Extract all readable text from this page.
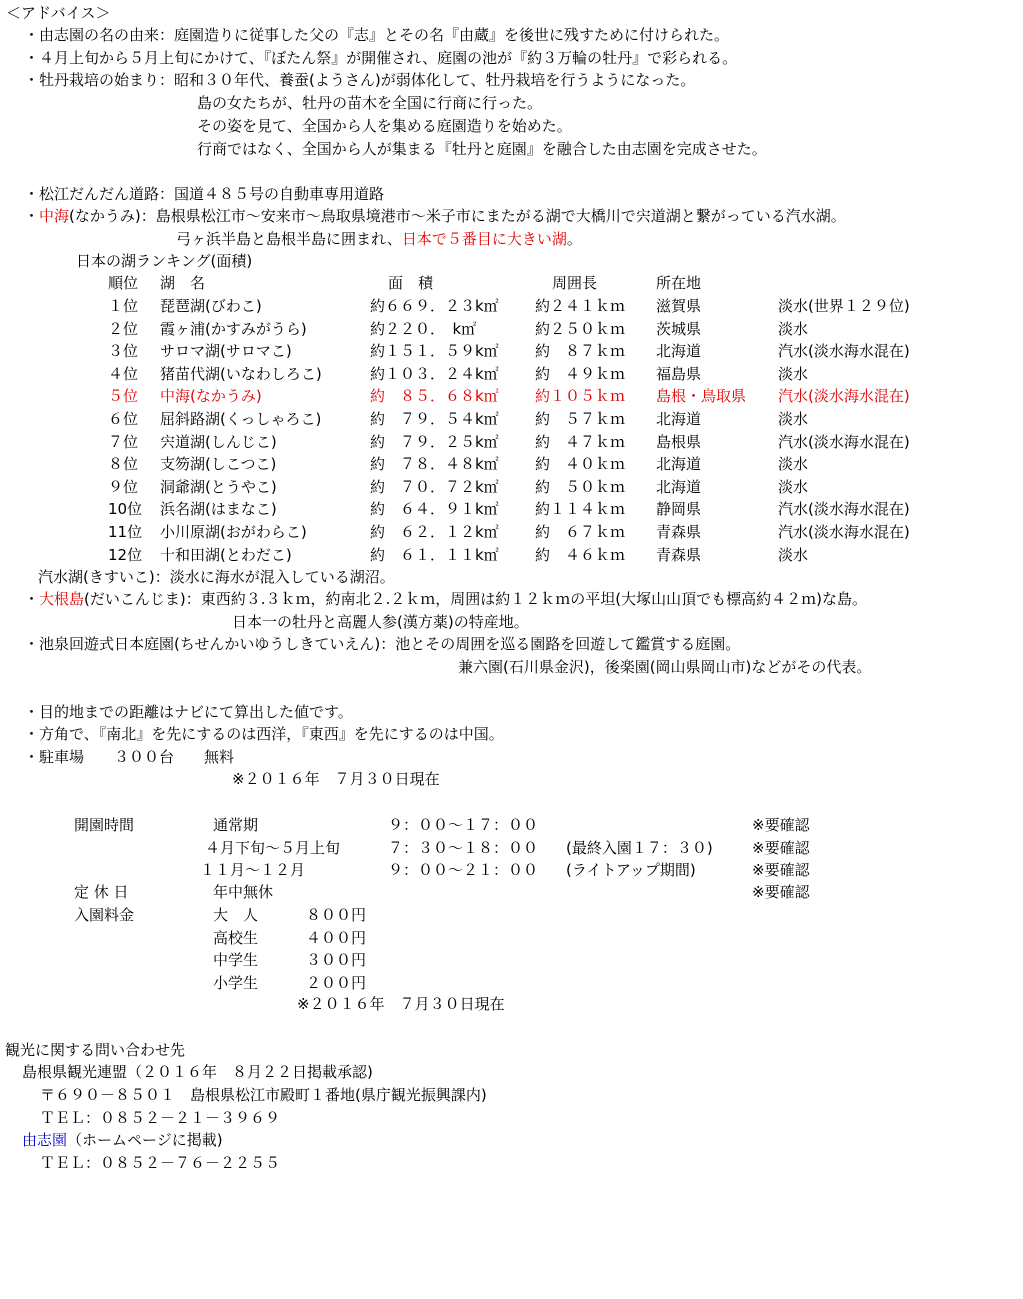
＜アドバイス＞
・由志園の名の由来：庭園造りに従事した父の『志』とその名『由蔵』を後世に残すために付けられた。
・４月上旬から５月上旬にかけて、『ぼたん祭』が開催され、庭園の池が『約３万輪の牡丹』で彩られる。
・牡丹栽培の始まり：昭和３０年代、養蚕(ようさん)が弱体化して、牡丹栽培を行うようになった。
島の女たちが、牡丹の苗木を全国に行商に行った。
その姿を見て、全国から人を集める庭園造りを始めた。
行商ではなく、全国から人が集まる『牡丹と庭園』を融合した由志園を完成させた。
・松江だんだん道路：国道４８５号の自動車専用道路
・中海(なかうみ)：島根県松江市～安来市～鳥取県境港市～米子市にまたがる湖で大橋川で宍道湖と繋がっている汽水湖。
弓ヶ浜半島と島根半島に囲まれ、日本で５番目に大きい湖。
日本の湖ランキング(面積)
順位 湖　名	面　積	周囲長	所在地
１位 琵琶湖(びわこ)	約６６９．２３k㎡ 約２４１ｋｍ 滋賀県	淡水(世界１２９位)
２位 霞ヶ浦(かすみがうら)	約２２０．　k㎡	約２５０ｋｍ 茨城県	淡水
３位 サロマ湖(サロマこ)	約１５１．５９k㎡ 約　８７ｋｍ 北海道	汽水(淡水海水混在)
４位 猪苗代湖(いなわしろこ)	約１０３．２４k㎡ 約　４９ｋｍ 福島県	淡水
５位 中海(なかうみ)	約　８５．６８k㎡ 約１０５ｋｍ 島根・鳥取県 汽水(淡水海水混在)
６位 屈斜路湖(くっしゃろこ)	約　７９．５４k㎡ 約　５７ｋｍ 北海道	淡水
７位 宍道湖(しんじこ)	約　７９．２５k㎡ 約　４７ｋｍ 島根県	汽水(淡水海水混在)
８位 支笏湖(しこつこ)	約　７８．４８k㎡ 約　４０ｋｍ 北海道	淡水
９位 洞爺湖(とうやこ)	約　７０．７２k㎡ 約　５０ｋｍ 北海道	淡水
10位 浜名湖(はまなこ)	約　６４．９１k㎡ 約１１４ｋｍ 静岡県	汽水(淡水海水混在)
11位 小川原湖(おがわらこ)	約　６２．１２k㎡ 約　６７ｋｍ 青森県	汽水(淡水海水混在)
12位 十和田湖(とわだこ)	約　６１．１１k㎡ 約　４６ｋｍ 青森県	淡水
汽水湖(きすいこ)：淡水に海水が混入している湖沼。
・大根島(だいこんじま)：東西約３.３ｋｍ，約南北２.２ｋｍ，周囲は約１２ｋｍの平坦(大塚山山頂でも標高約４２ｍ)な島。
日本一の牡丹と高麗人参(漢方薬)の特産地。
・池泉回遊式日本庭園(ちせんかいゆうしきていえん)：池とその周囲を巡る園路を回遊して鑑賞する庭園。
兼六園(石川県金沢)，後楽園(岡山県岡山市)などがその代表。
・目的地までの距離はナビにて算出した値です。
・方角で、『南北』を先にするのは西洋，『東西』を先にするのは中国。
・駐車場　　３００台　　無料
※２０１６年　７月３０日現在
開園時間	通常期	９：００～１７：００	※要確認
４月下旬～５月上旬	７：３０～１８：００ (最終入園１７：３０)	※要確認
１１月～１２月	９：００～２１：００ (ライトアップ期間)	※要確認
定 休 日	年中無休	※要確認
入園料金	大　人	８００円
高校生	４００円
中学生	３００円
小学生	２００円
※２０１６年　７月３０日現在
観光に関する問い合わせ先
島根県観光連盟（２０１６年　８月２２日掲載承認)
〒６９０－８５０１　島根県松江市殿町１番地(県庁観光振興課内)
ＴＥＬ：０８５２－２１－３９６９
由志園（ホームページに掲載)
ＴＥＬ：０８５２－７６－２２５５
